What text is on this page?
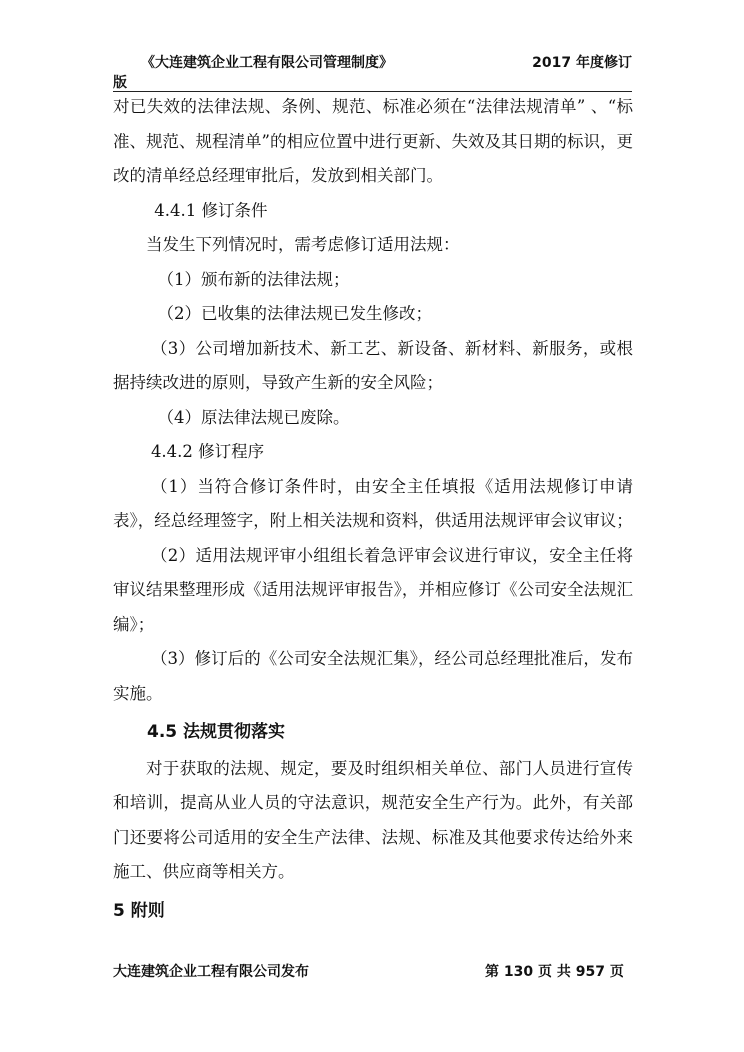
《大连建筑企业工程有限公司管理制度》	2017 年度修订
版

对已失效的法律法规、条例、规范、标准必须在“法律法规清单” 、“标准、规范、规程清单”的相应位置中进行更新、失效及其日期的标识，更改的清单经总经理审批后，发放到相关部门。

4.4.1 修订条件

当发生下列情况时，需考虑修订适用法规：

（1）颁布新的法律法规；

（2）已收集的法律法规已发生修改；

（3）公司增加新技术、新工艺、新设备、新材料、新服务，或根据持续改进的原则，导致产生新的安全风险；

（4）原法律法规已废除。

4.4.2 修订程序

（1）当符合修订条件时，由安全主任填报《适用法规修订申请表》，经总经理签字，附上相关法规和资料，供适用法规评审会议审议；

（2）适用法规评审小组组长着急评审会议进行审议，安全主任将审议结果整理形成《适用法规评审报告》，并相应修订《公司安全法规汇编》；

（3）修订后的《公司安全法规汇集》，经公司总经理批准后，发布实施。

4.5 法规贯彻落实

对于获取的法规、规定，要及时组织相关单位、部门人员进行宣传和培训，提高从业人员的守法意识，规范安全生产行为。此外，有关部门还要将公司适用的安全生产法律、法规、标准及其他要求传达给外来施工、供应商等相关方。

5 附则

大连建筑企业工程有限公司发布	第 130 页 共 957 页
